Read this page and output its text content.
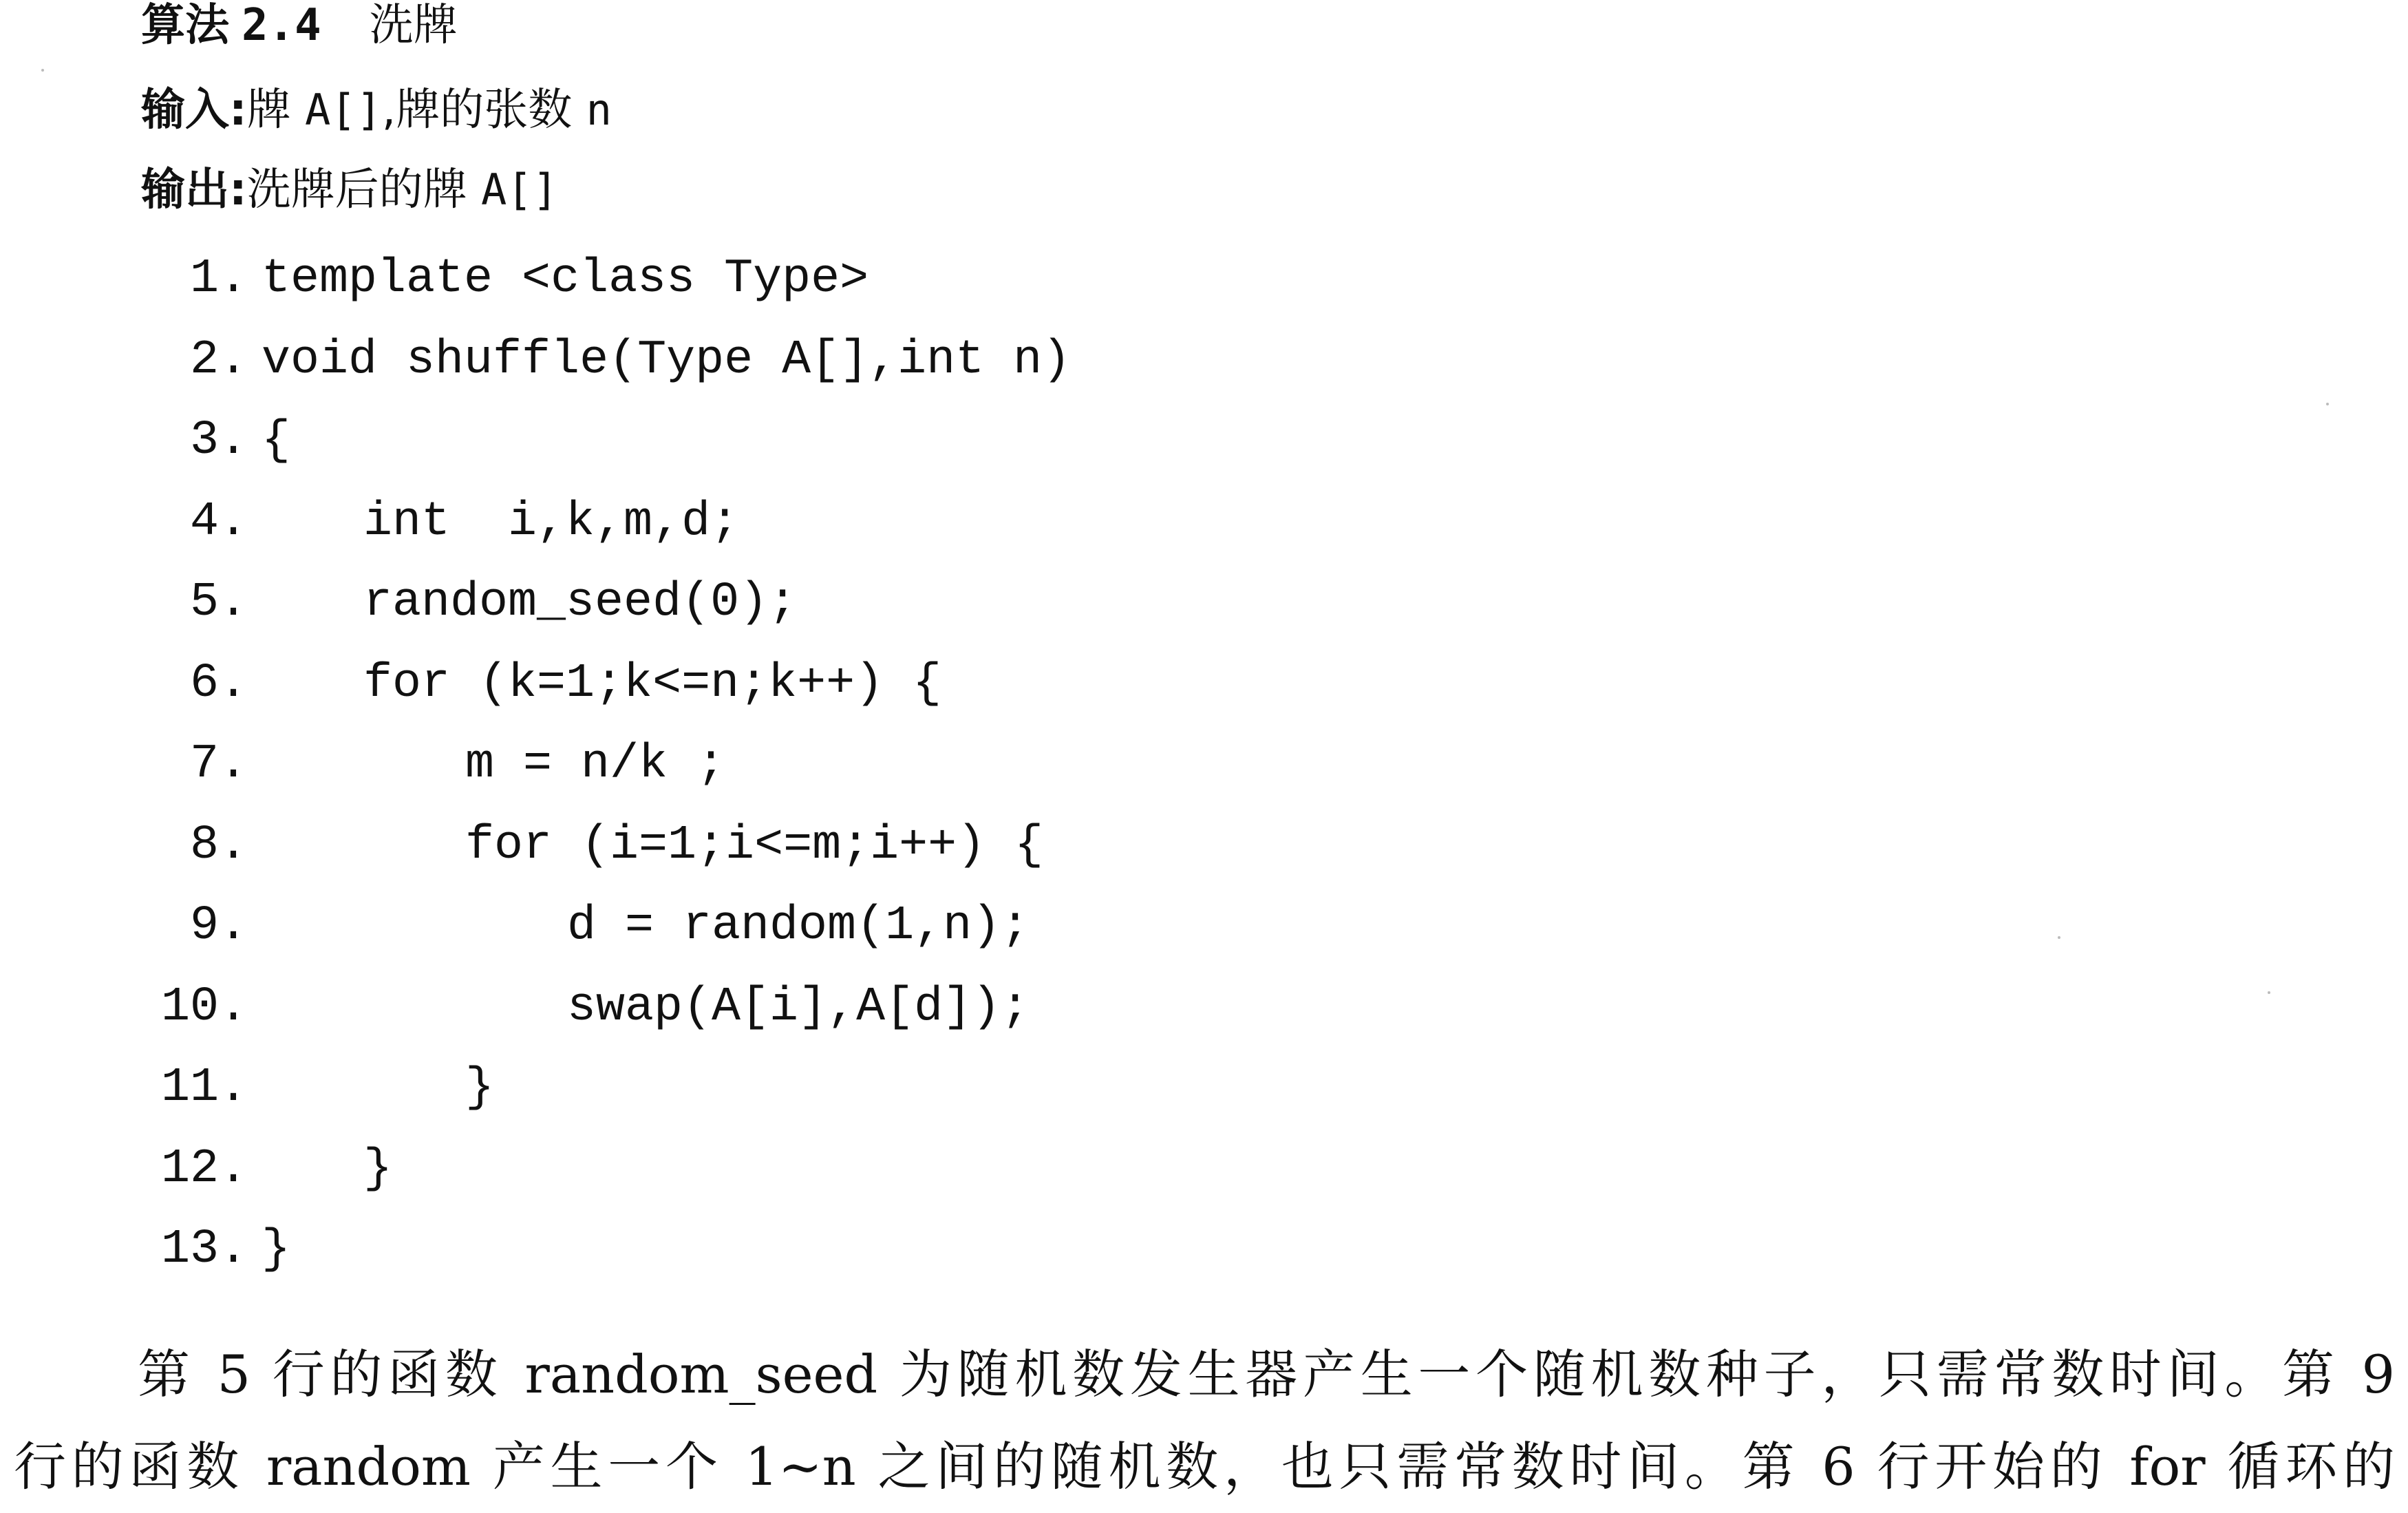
算法 2.4 洗牌
输入:牌 A[],牌的张数 n
输出:洗牌后的牌 A[]
1. template <class Type>
2. void shuffle(Type A[],int n)
3. {
4. int  i,k,m,d;
5. random_seed(0);
6. for (k=1;k<=n;k++) {
7.	m = n/k ;
8.	for (i=1;i<=m;i++) {
9.	d = random(1,n);
10.	swap(A[i],A[d]);
11.	}
12. }
13. }

第 5 行的函数 random_seed 为随机数发生器产生一个随机数种子，只需常数时间。第 9

行的函数 random 产生一个 1~n 之间的随机数，也只需常数时间。第 6 行开始的 for 循环的
